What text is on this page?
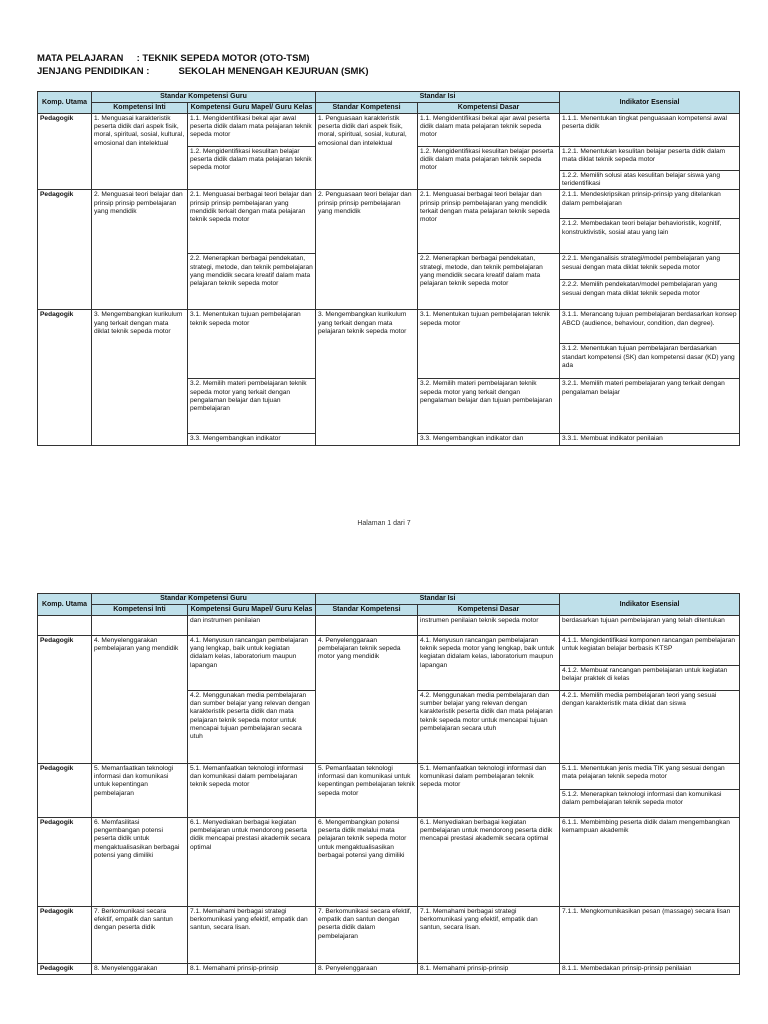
MATA PELAJARAN : TEKNIK SEPEDA MOTOR (OTO-TSM)
JENJANG PENDIDIKAN :	SEKOLAH MENENGAH KEJURUAN (SMK)
Komp. Utama	Standar Kompetensi Guru		Standar Isi		Indikator Esensial
	Kompetensi Inti	Kompetensi Guru Mapel/ Guru Kelas	Standar Kompetensi	Kompetensi Dasar	
Pedagogik	1. Menguasai karakteristik peserta didik dari aspek fisik, moral, spiritual, sosial, kultural, emosional dan intelektual	1.1. Mengidentifikasi bekal ajar awal peserta didik dalam mata pelajaran teknik sepeda motor	1. Penguasaan karakteristik peserta didik dari aspek fisik, moral, spiritual, sosial, kutural, emosional dan intelektual	1.1. Mengidentifikasi bekal ajar awal peserta didik dalam mata pelajaran teknik sepeda motor	1.1.1. Menentukan tingkat penguasaan kompetensi awal peserta didik
		1.2. Mengidentifikasi kesulitan belajar peserta didik dalam mata pelajaran teknik sepeda motor		1.2. Mengidentifikasi kesulitan belajar peserta didik dalam mata pelajaran teknik sepeda motor	1.2.1. Menentukan kesulitan belajar peserta didik dalam mata diklat teknik sepeda motor
					1.2.2. Memilih solusi atas kesulitan belajar siswa yang teridentifikasi
Pedagogik	2. Menguasai teori belajar dan prinsip prinsip pembelajaran yang mendidik	2.1. Menguasai berbagai teori belajar dan prinsip prinsip pembelajaran yang mendidik terkait dengan mata pelajaran teknik sepeda motor	2. Penguasaan teori belajar dan prinsip prinsip pembelajaran yang mendidik	2.1. Menguasai berbagai teori belajar dan prinsip prinsip pembelajaran yang mendidik terkait dengan mata pelajaran teknik sepeda motor	2.1.1. Mendeskripsikan prinsip-prinsip yang ditelankan dalam pembelajaran
					2.1.2. Membedakan teori belajar behavioristik, kognitif, konstruktivistik, sosial atau yang lain
		2.2. Menerapkan berbagai pendekatan, strategi, metode, dan teknik pembelajaran yang mendidik secara kreatif dalam mata pelajaran teknik sepeda motor		2.2. Menerapkan berbagai pendekatan, strategi, metode, dan teknik pembelajaran yang mendidik secara kreatif dalam mata pelajaran teknik sepeda motor	2.2.1. Menganalisis strategi/model pembelajaran yang sesuai dengan mata diklat teknik sepeda motor
					2.2.2. Memilih pendekatan/model pembelajaran yang sesuai dengan mata diklat teknik sepeda motor
Pedagogik	3. Mengembangkan kurikulum yang terkait dengan mata diklat teknik sepeda motor	3.1. Menentukan tujuan pembelajaran teknik sepeda motor	3. Mengembangkan kurikulum yang terkait dengan mata pelajaran teknik sepeda motor	3.1. Menentukan tujuan pembelajaran teknik sepeda motor	3.1.1. Merancang tujuan pembelajaran berdasarkan konsep ABCD (audience, behaviour, condition, dan degree).
					3.1.2. Menentukan tujuan pembelajaran berdasarkan standart kompetensi (SK) dan kompetensi dasar (KD) yang ada
		3.2. Memilih materi pembelajaran teknik sepeda motor yang terkait dengan pengalaman belajar dan tujuan pembelajaran		3.2. Memilih materi pembelajaran teknik sepeda motor yang terkait dengan pengalaman belajar dan tujuan pembelajaran	3.2.1. Memilih materi pembelajaran yang terkait dengan pengalaman belajar
		3.3. Mengembangkan indikator		3.3. Mengembangkan indikator dan	3.3.1. Membuat indikator penilaian
Halaman 1 dari 7
Komp. Utama	Standar Kompetensi Guru		Standar Isi		Indikator Esensial
	Kompetensi Inti	Kompetensi Guru Mapel/ Guru Kelas	Standar Kompetensi	Kompetensi Dasar	
		dan instrumen penilaian		instrumen penilaian teknik sepeda motor	berdasarkan tujuan pembelajaran yang telah ditentukan
Pedagogik	4. Menyelenggarakan pembelajaran yang mendidik	4.1. Menyusun rancangan pembelajaran yang lengkap, baik untuk kegiatan didalam kelas, laboratorium maupun lapangan	4. Penyelenggaraan pembelajaran teknik sepeda motor yang mendidik	4.1. Menyusun rancangan pembelajaran teknik sepeda motor yang lengkap, baik untuk kegiatan didalam kelas, laboratorium maupun lapangan	4.1.1. Mengidentifikasi komponen rancangan pembelajaran untuk kegiatan belajar berbasis KTSP
					4.1.2. Membuat rancangan pembelajaran untuk kegiatan belajar praktek di kelas
		4.2. Menggunakan media pembelajaran dan sumber belajar yang relevan dengan karakteristik peserta didik dan mata pelajaran teknik sepeda motor untuk mencapai tujuan pembelajaran secara utuh		4.2. Menggunakan media pembelajaran dan sumber belajar yang relevan dengan karakteristik peserta didik dan mata pelajaran teknik sepeda motor untuk mencapai tujuan pembelajaran secara utuh	4.2.1. Memilih media pembelajaran teori yang sesuai dengan karakteristik mata diklat dan siswa
Pedagogik	5. Memanfaatkan teknologi informasi dan komunikasi untuk kepentingan pembelajaran	5.1. Memanfaatkan teknologi informasi dan komunikasi dalam pembelajaran teknik sepeda motor	5. Pemanfaatan teknologi informasi dan komunikasi untuk kepentingan pembelajaran teknik sepeda motor	5.1. Memanfaatkan teknologi informasi dan komunikasi dalam pembelajaran teknik sepeda motor	5.1.1. Menentukan jenis media TIK yang sesuai dengan mata pelajaran teknik sepeda motor
					5.1.2. Menerapkan teknologi informasi dan komunikasi dalam pembelajaran teknik sepeda motor
Pedagogik	6. Memfasilitasi pengembangan potensi peserta didik untuk mengaktualisasikan berbagai potensi yang dimiliki	6.1. Menyediakan berbagai kegiatan pembelajaran untuk mendorong peserta didik mencapai prestasi akademik secara optimal	6. Mengembangkan potensi peserta didik melalui mata pelajaran teknik sepeda motor untuk mengaktualisasikan berbagai potensi yang dimiliki	6.1. Menyediakan berbagai kegiatan pembelajaran untuk mendorong peserta didik mencapai prestasi akademik secara optimal	6.1.1. Membimbing peserta didik dalam mengembangkan kemampuan akademik
Pedagogik	7. Berkomunikasi secara efektif, empatik dan santun dengan peserta didik	7.1. Memahami berbagai strategi berkomunikasi yang efektif, empatik dan santun, secara lisan.	7. Berkomunikasi secara efektif, empatik dan santun dengan peserta didik dalam pembelajaran	7.1. Memahami berbagai strategi berkomunikasi yang efektif, empatik dan santun, secara lisan.	7.1.1. Mengkomunikasikan pesan (massage) secara lisan
Pedagogik	8. Menyelenggarakan	8.1. Memahami prinsip-prinsip	8. Penyelenggaraan	8.1. Memahami prinsip-prinsip	8.1.1. Membedakan prinsip-prinsip penilaian
